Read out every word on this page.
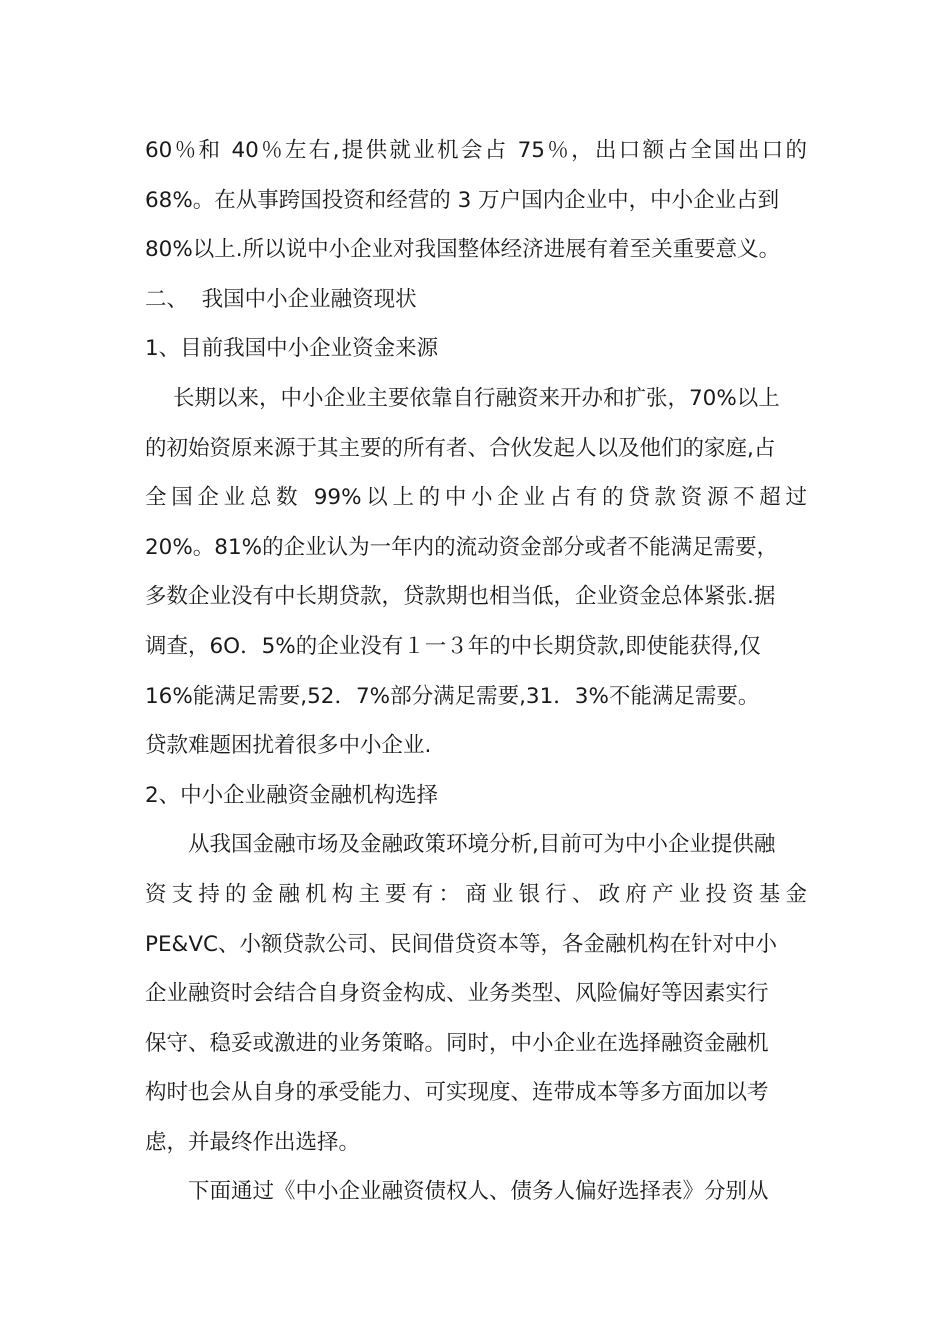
60％和 40％左右,提供就业机会占 75％，出口额占全国出口的
68%。在从事跨国投资和经营的 3 万户国内企业中，中小企业占到
80%以上.所以说中小企业对我国整体经济进展有着至关重要意义。
二、  我国中小企业融资现状
1、目前我国中小企业资金来源
长期以来，中小企业主要依靠自行融资来开办和扩张，70%以上
的初始资原来源于其主要的所有者、合伙发起人以及他们的家庭,占
全国企业总数 99%以上的中小企业占有的贷款资源不超过
20%。81%的企业认为一年内的流动资金部分或者不能满足需要，
多数企业没有中长期贷款，贷款期也相当低，企业资金总体紧张.据
调查，6O．5%的企业没有１一３年的中长期贷款,即使能获得,仅
16%能满足需要,52．7%部分满足需要,31．3%不能满足需要。
贷款难题困扰着很多中小企业.
2、中小企业融资金融机构选择
从我国金融市场及金融政策环境分析,目前可为中小企业提供融
资支持的金融机构主要有：商业银行、政府产业投资基金
PE&VC、小额贷款公司、民间借贷资本等，各金融机构在针对中小
企业融资时会结合自身资金构成、业务类型、风险偏好等因素实行
保守、稳妥或激进的业务策略。同时，中小企业在选择融资金融机
构时也会从自身的承受能力、可实现度、连带成本等多方面加以考
虑，并最终作出选择。
下面通过《中小企业融资债权人、债务人偏好选择表》分别从
